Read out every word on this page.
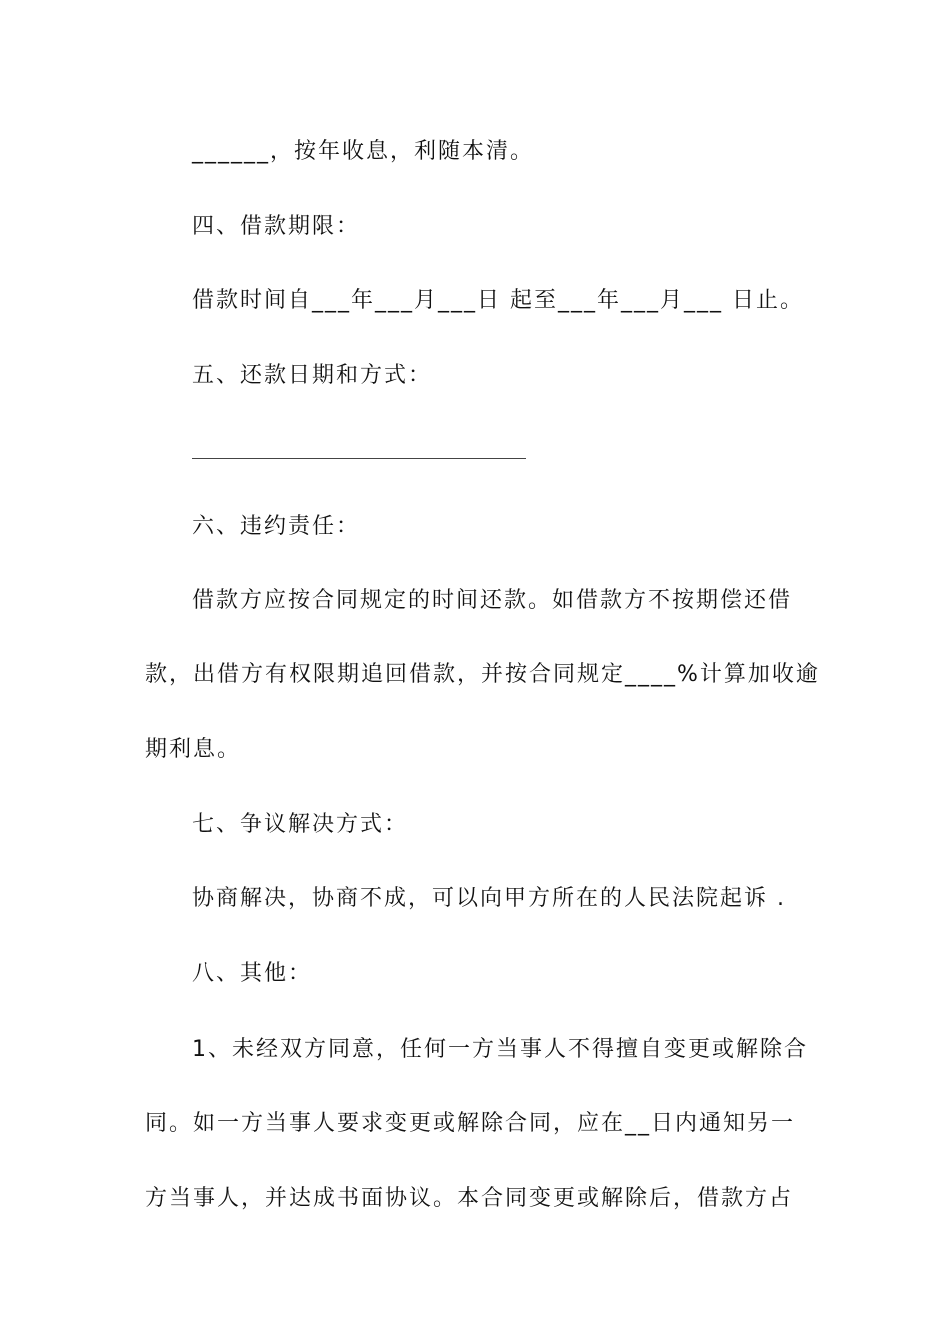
______，按年收息，利随本清。
四、借款期限：
借款时间自___年___月___日 起至___年___月___ 日止。
五、还款日期和方式：
六、违约责任：
借款方应按合同规定的时间还款。如借款方不按期偿还借
款，出借方有权限期追回借款，并按合同规定____%计算加收逾
期利息。
七、争议解决方式：
协商解决，协商不成，可以向甲方所在的人民法院起诉 .
八、其他：
1、未经双方同意，任何一方当事人不得擅自变更或解除合
同。如一方当事人要求变更或解除合同，应在__日内通知另一
方当事人，并达成书面协议。本合同变更或解除后，借款方占
